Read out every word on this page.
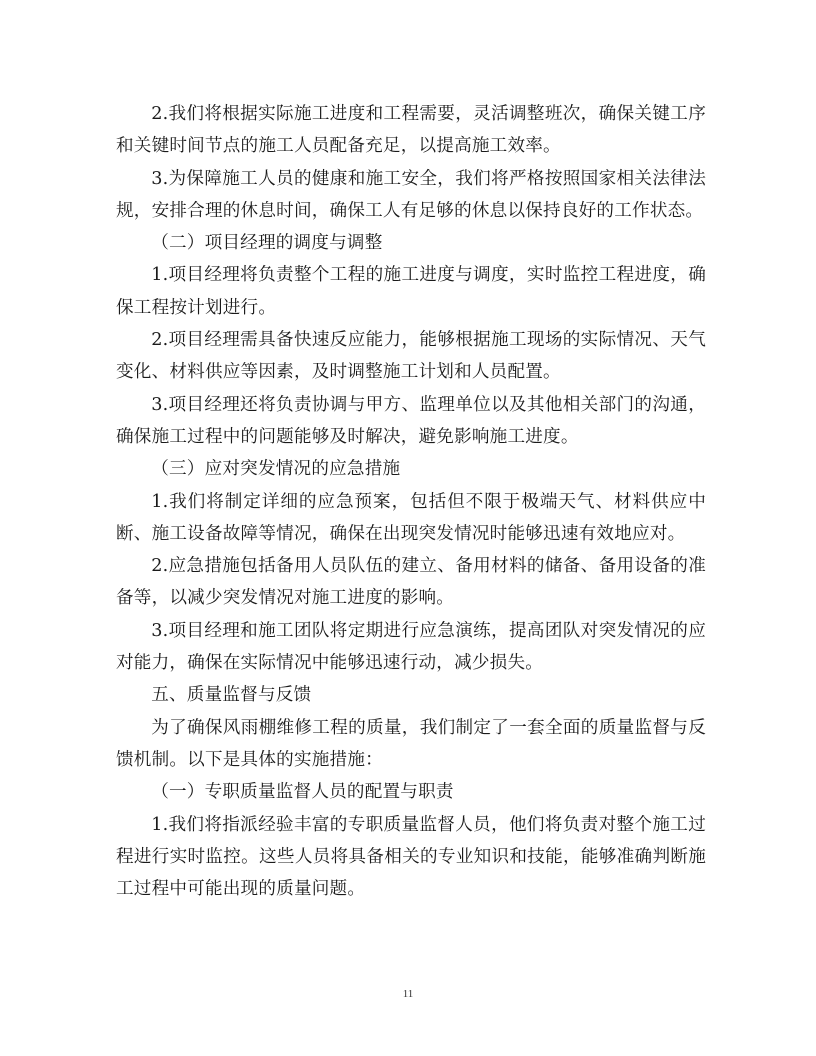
2.我们将根据实际施工进度和工程需要，灵活调整班次，确保关键工序和关键时间节点的施工人员配备充足，以提高施工效率。

3.为保障施工人员的健康和施工安全，我们将严格按照国家相关法律法规，安排合理的休息时间，确保工人有足够的休息以保持良好的工作状态。

（二）项目经理的调度与调整

1.项目经理将负责整个工程的施工进度与调度，实时监控工程进度，确保工程按计划进行。

2.项目经理需具备快速反应能力，能够根据施工现场的实际情况、天气变化、材料供应等因素，及时调整施工计划和人员配置。

3.项目经理还将负责协调与甲方、监理单位以及其他相关部门的沟通，确保施工过程中的问题能够及时解决，避免影响施工进度。

（三）应对突发情况的应急措施

1.我们将制定详细的应急预案，包括但不限于极端天气、材料供应中断、施工设备故障等情况，确保在出现突发情况时能够迅速有效地应对。

2.应急措施包括备用人员队伍的建立、备用材料的储备、备用设备的准备等，以减少突发情况对施工进度的影响。

3.项目经理和施工团队将定期进行应急演练，提高团队对突发情况的应对能力，确保在实际情况中能够迅速行动，减少损失。

五、质量监督与反馈

为了确保风雨棚维修工程的质量，我们制定了一套全面的质量监督与反馈机制。以下是具体的实施措施：

（一）专职质量监督人员的配置与职责

1.我们将指派经验丰富的专职质量监督人员，他们将负责对整个施工过程进行实时监控。这些人员将具备相关的专业知识和技能，能够准确判断施工过程中可能出现的质量问题。

11
